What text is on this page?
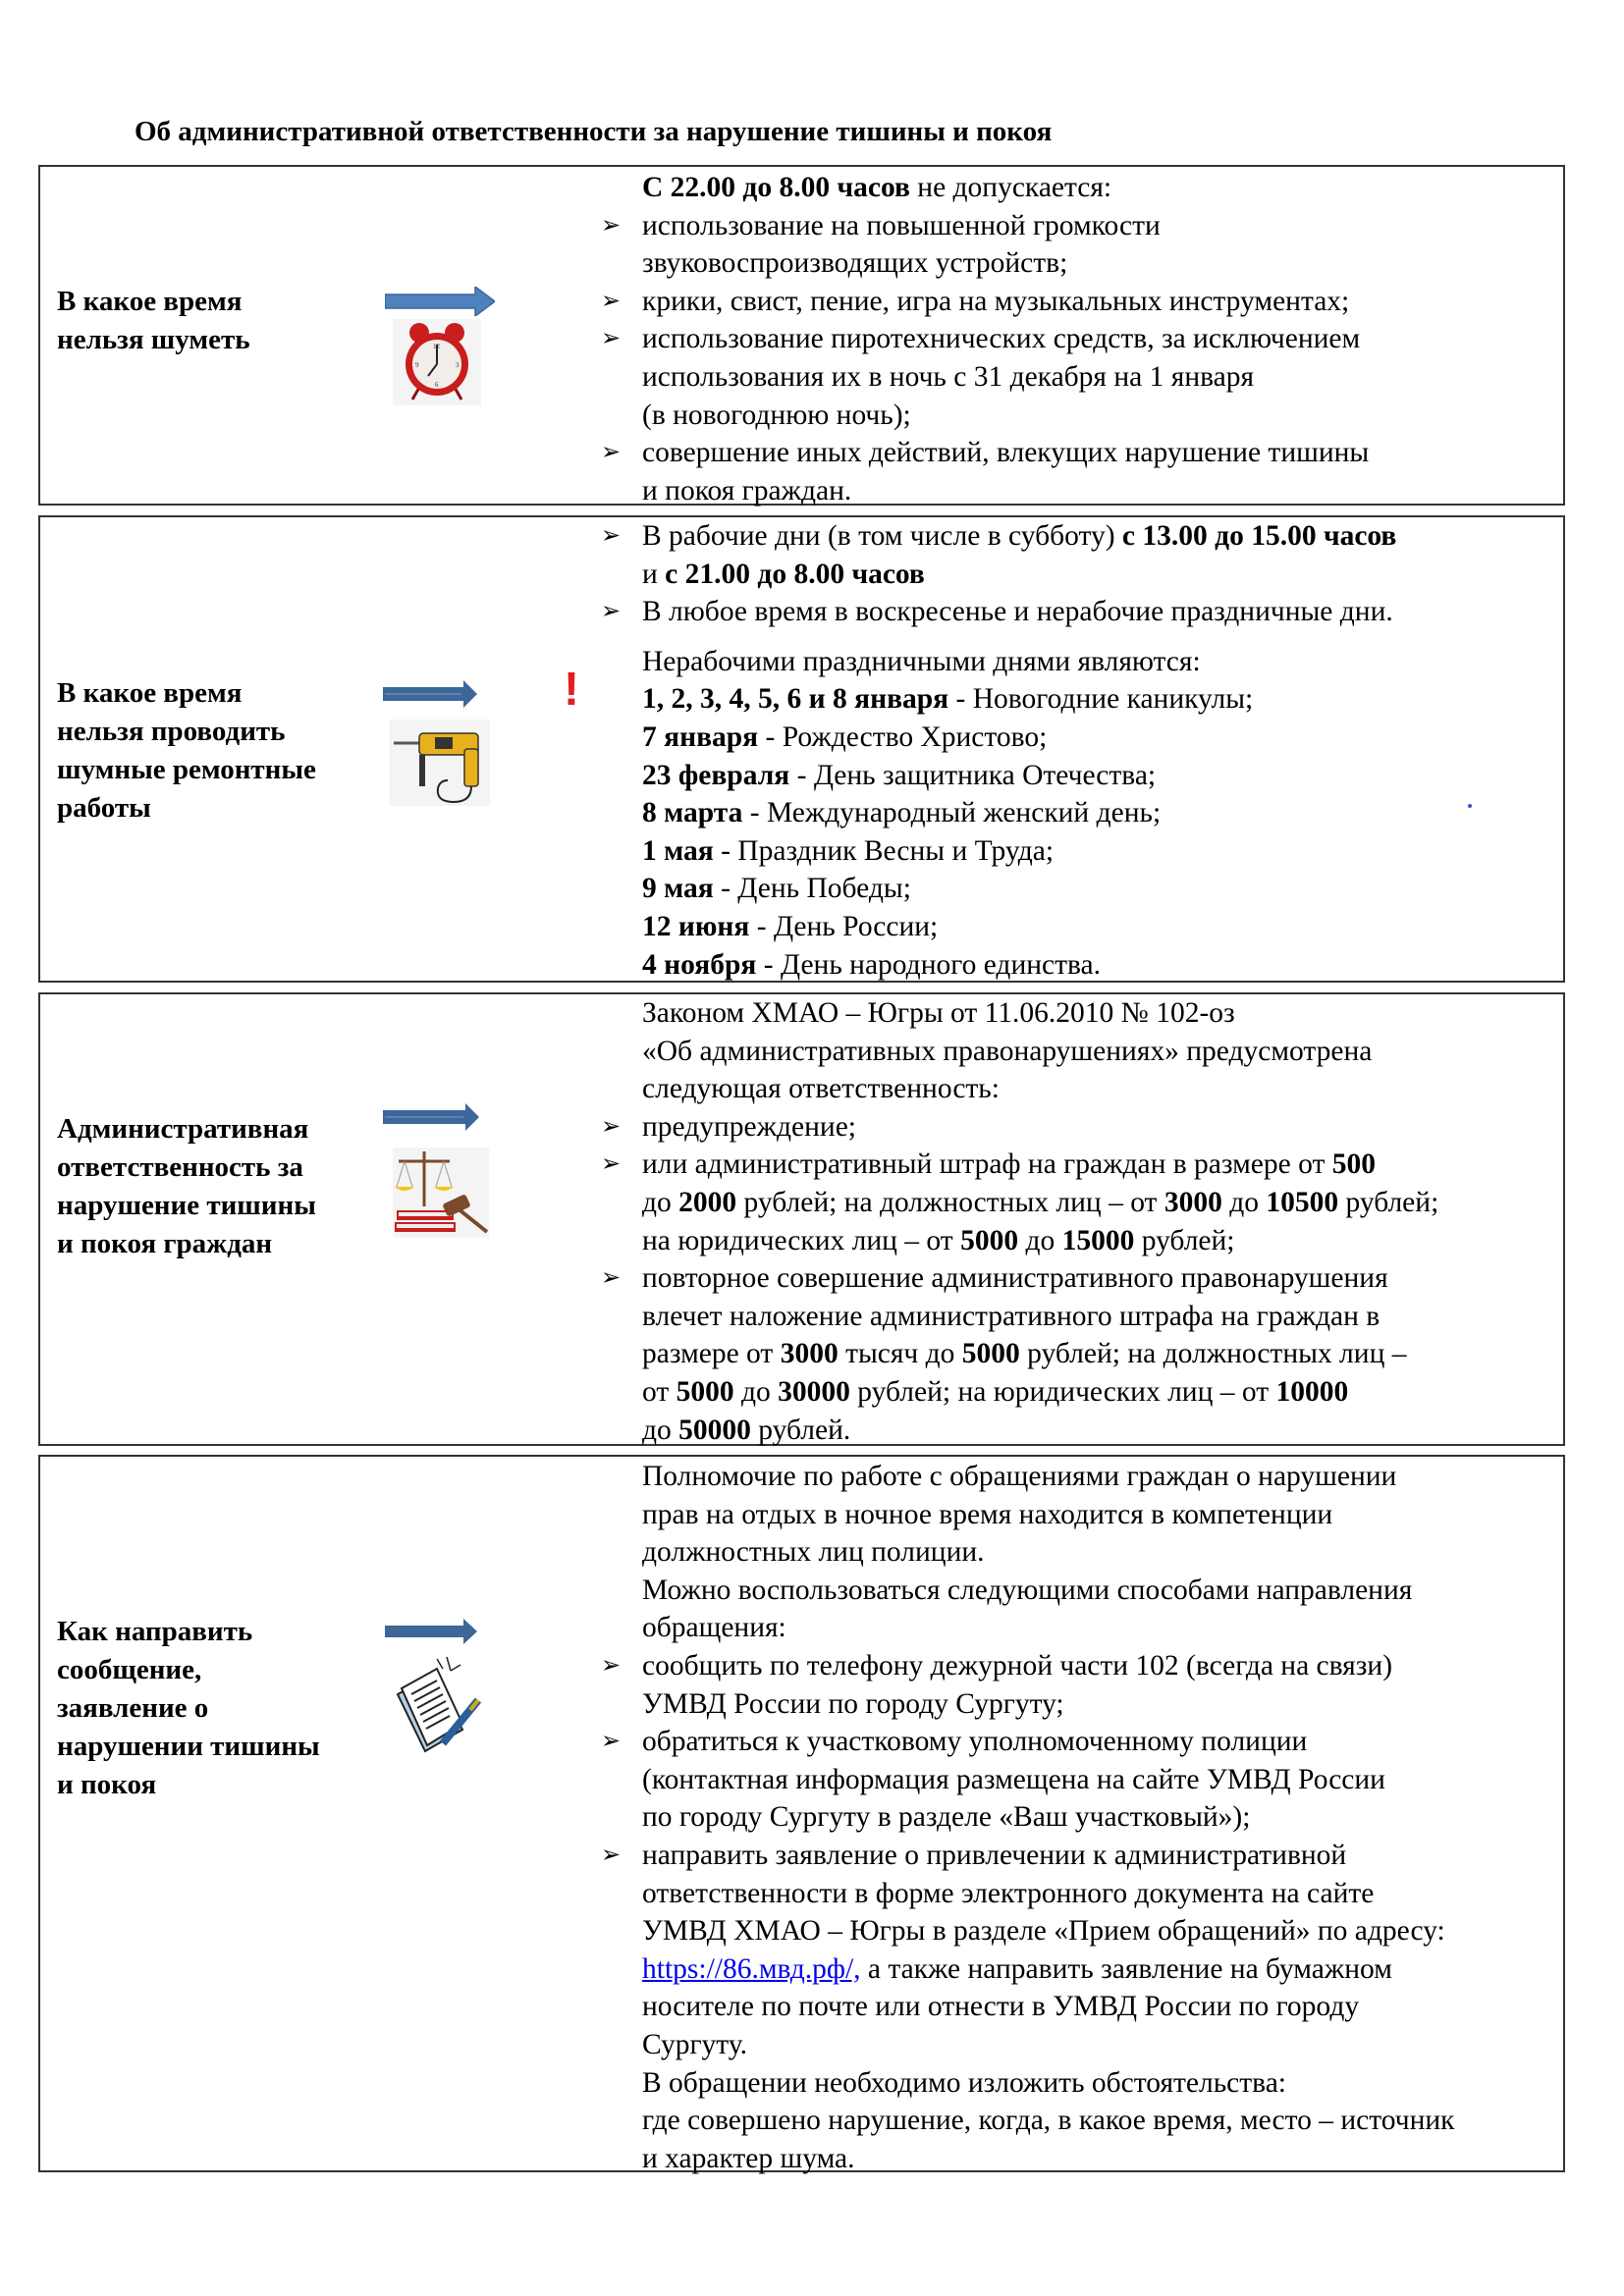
Об административной ответственности за нарушение тишины и покоя
В какое время
нельзя шуметь	12
3
9
6
С 22.00 до 8.00 часов не допускается:
➢ использование на повышенной громкости
звуковоспроизводящих устройств;
➢ крики, свист, пение, игра на музыкальных инструментах;
➢ использование пиротехнических средств, за исключением
использования их в ночь с 31 декабря на 1 января
(в новогоднюю ночь);
➢ совершение иных действий, влекущих нарушение тишины
и покоя граждан.
В какое время
нельзя проводить
шумные ремонтные
работы
!
➢ В рабочие дни (в том числе в субботу) с 13.00 до 15.00 часов
и с 21.00 до 8.00 часов
➢ В любое время в воскресенье и нерабочие праздничные дни.
Нерабочими праздничными днями являются:
1, 2, 3, 4, 5, 6 и 8 января - Новогодние каникулы;
7 января - Рождество Христово;
23 февраля - День защитника Отечества;
8 марта - Международный женский день;
1 мая - Праздник Весны и Труда;
9 мая - День Победы;
12 июня - День России;
4 ноября - День народного единства.
Административная
ответственность за
нарушение тишины
и покоя граждан
Законом ХМАО – Югры от 11.06.2010 № 102-оз
«Об административных правонарушениях» предусмотрена
следующая ответственность:
➢ предупреждение;
➢ или административный штраф на граждан в размере от 500
до 2000 рублей; на должностных лиц – от 3000 до 10500 рублей;
на юридических лиц – от 5000 до 15000 рублей;
➢ повторное совершение административного правонарушения
влечет наложение административного штрафа на граждан в
размере от 3000 тысяч до 5000 рублей; на должностных лиц –
от 5000 до 30000 рублей; на юридических лиц – от 10000
до 50000 рублей.
Как направить
сообщение,
заявление о
нарушении тишины
и покоя
Полномочие по работе с обращениями граждан о нарушении
прав на отдых в ночное время находится в компетенции
должностных лиц полиции.
Можно воспользоваться следующими способами направления
обращения:
➢ сообщить по телефону дежурной части 102 (всегда на связи)
УМВД России по городу Сургуту;
➢ обратиться к участковому уполномоченному полиции
(контактная информация размещена на сайте УМВД России
по городу Сургуту в разделе «Ваш участковый»);
➢ направить заявление о привлечении к административной
ответственности в форме электронного документа на сайте
УМВД ХМАО – Югры в разделе «Прием обращений» по адресу:
https://86.мвд.рф/, а также направить заявление на бумажном
носителе по почте или отнести в УМВД России по городу
Сургуту.
В обращении необходимо изложить обстоятельства:
где совершено нарушение, когда, в какое время, место – источник
и характер шума.
